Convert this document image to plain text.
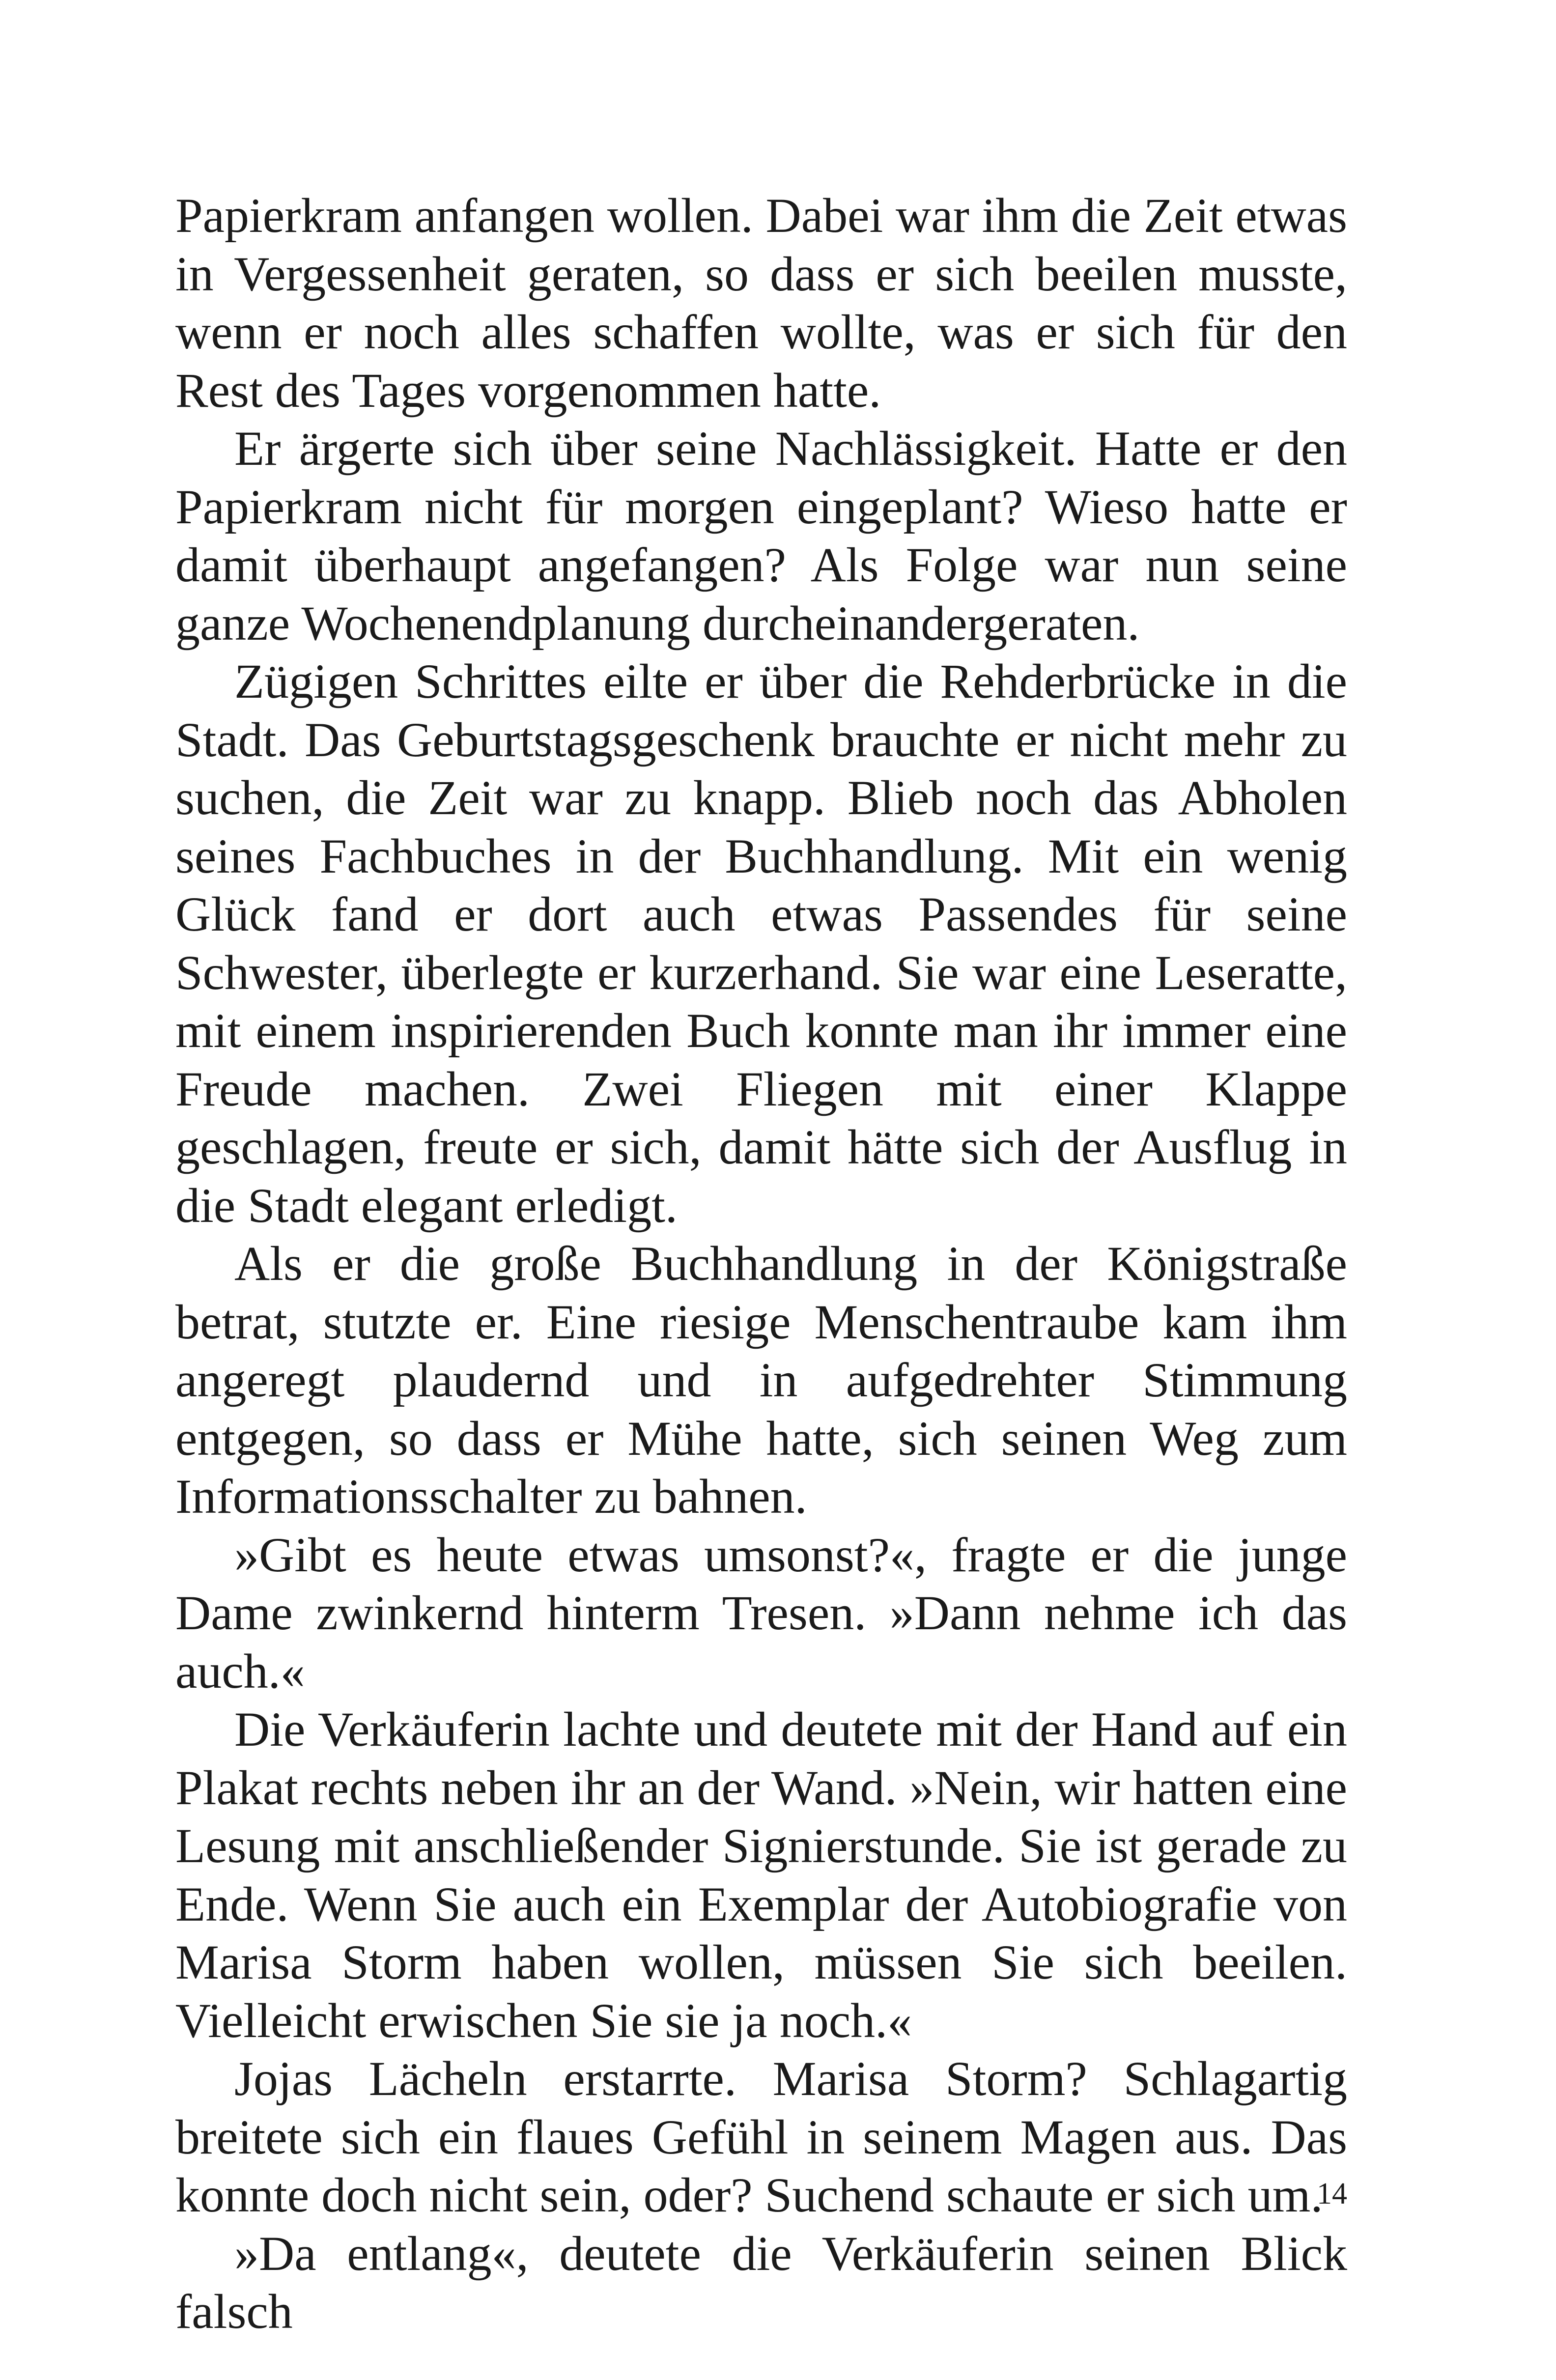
Papierkram anfangen wollen. Dabei war ihm die Zeit etwas in Vergessenheit geraten, so dass er sich beeilen musste, wenn er noch alles schaffen wollte, was er sich für den Rest des Tages vorgenommen hatte.

Er ärgerte sich über seine Nachlässigkeit. Hatte er den Papierkram nicht für morgen eingeplant? Wieso hatte er damit überhaupt angefangen? Als Folge war nun seine ganze Wochenendplanung durcheinandergeraten.

Zügigen Schrittes eilte er über die Rehderbrücke in die Stadt. Das Geburtstagsgeschenk brauchte er nicht mehr zu suchen, die Zeit war zu knapp. Blieb noch das Abholen seines Fachbuches in der Buchhandlung. Mit ein wenig Glück fand er dort auch etwas Passendes für seine Schwester, überlegte er kurzerhand. Sie war eine Leseratte, mit einem inspirierenden Buch konnte man ihr immer eine Freude machen. Zwei Fliegen mit einer Klappe geschlagen, freute er sich, damit hätte sich der Ausflug in die Stadt elegant erledigt.

Als er die große Buchhandlung in der Königstraße betrat, stutzte er. Eine riesige Menschentraube kam ihm angeregt plaudernd und in aufgedrehter Stimmung entgegen, so dass er Mühe hatte, sich seinen Weg zum Informationsschalter zu bahnen.

»Gibt es heute etwas umsonst?«, fragte er die junge Dame zwinkernd hinterm Tresen. »Dann nehme ich das auch.«

Die Verkäuferin lachte und deutete mit der Hand auf ein Plakat rechts neben ihr an der Wand. »Nein, wir hatten eine Lesung mit anschließender Signierstunde. Sie ist gerade zu Ende. Wenn Sie auch ein Exemplar der Autobiografie von Marisa Storm haben wollen, müssen Sie sich beeilen. Vielleicht erwischen Sie sie ja noch.«

Jojas Lächeln erstarrte. Marisa Storm? Schlagartig breitete sich ein flaues Gefühl in seinem Magen aus. Das konnte doch nicht sein, oder? Suchend schaute er sich um.

»Da entlang«, deutete die Verkäuferin seinen Blick falsch

14
